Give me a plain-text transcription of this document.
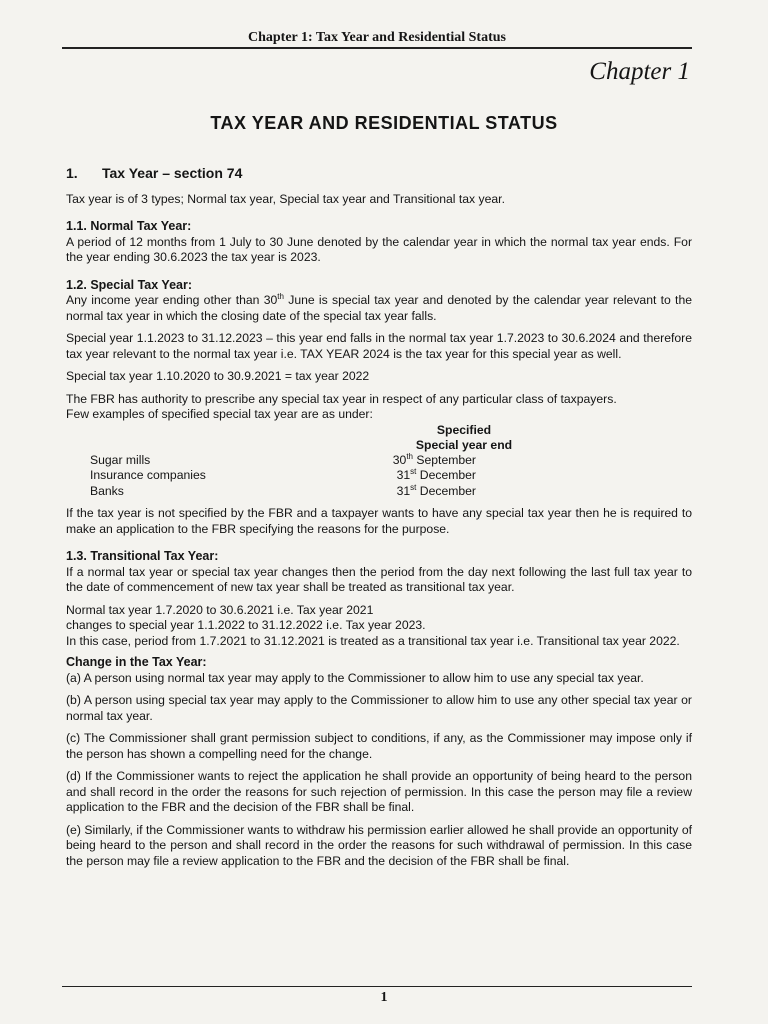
Chapter 1: Tax Year and Residential Status
Chapter 1
TAX YEAR AND RESIDENTIAL STATUS
1. Tax Year – section 74

Tax year is of 3 types; Normal tax year, Special tax year and Transitional tax year.

1.1. Normal Tax Year:

A period of 12 months from 1 July to 30 June denoted by the calendar year in which the normal tax year ends. For the year ending 30.6.2023 the tax year is 2023.

1.2. Special Tax Year:

Any income year ending other than 30th June is special tax year and denoted by the calendar year relevant to the normal tax year in which the closing date of the special tax year falls.

Special year 1.1.2023 to 31.12.2023 – this year end falls in the normal tax year 1.7.2023 to 30.6.2024 and therefore tax year relevant to the normal tax year i.e. TAX YEAR 2024 is the tax year for this special year as well.

Special tax year 1.10.2020 to 30.9.2021 = tax year 2022

The FBR has authority to prescribe any special tax year in respect of any particular class of taxpayers.
Few examples of specified special tax year are as under:

Specified
Special year end
Sugar mills	30th September
Insurance companies	31st December
Banks	31st December

If the tax year is not specified by the FBR and a taxpayer wants to have any special tax year then he is required to make an application to the FBR specifying the reasons for the purpose.

1.3. Transitional Tax Year:

If a normal tax year or special tax year changes then the period from the day next following the last full tax year to the date of commencement of new tax year shall be treated as transitional tax year.

Normal tax year 1.7.2020 to 30.6.2021 i.e. Tax year 2021
changes to special year 1.1.2022 to 31.12.2022 i.e. Tax year 2023.
In this case, period from 1.7.2021 to 31.12.2021 is treated as a transitional tax year i.e. Transitional tax year 2022.

Change in the Tax Year:

(a) A person using normal tax year may apply to the Commissioner to allow him to use any special tax year.

(b) A person using special tax year may apply to the Commissioner to allow him to use any other special tax year or normal tax year.

(c) The Commissioner shall grant permission subject to conditions, if any, as the Commissioner may impose only if the person has shown a compelling need for the change.

(d) If the Commissioner wants to reject the application he shall provide an opportunity of being heard to the person and shall record in the order the reasons for such rejection of permission. In this case the person may file a review application to the FBR and the decision of the FBR shall be final.

(e) Similarly, if the Commissioner wants to withdraw his permission earlier allowed he shall provide an opportunity of being heard to the person and shall record in the order the reasons for such withdrawal of permission. In this case the person may file a review application to the FBR and the decision of the FBR shall be final.

1
